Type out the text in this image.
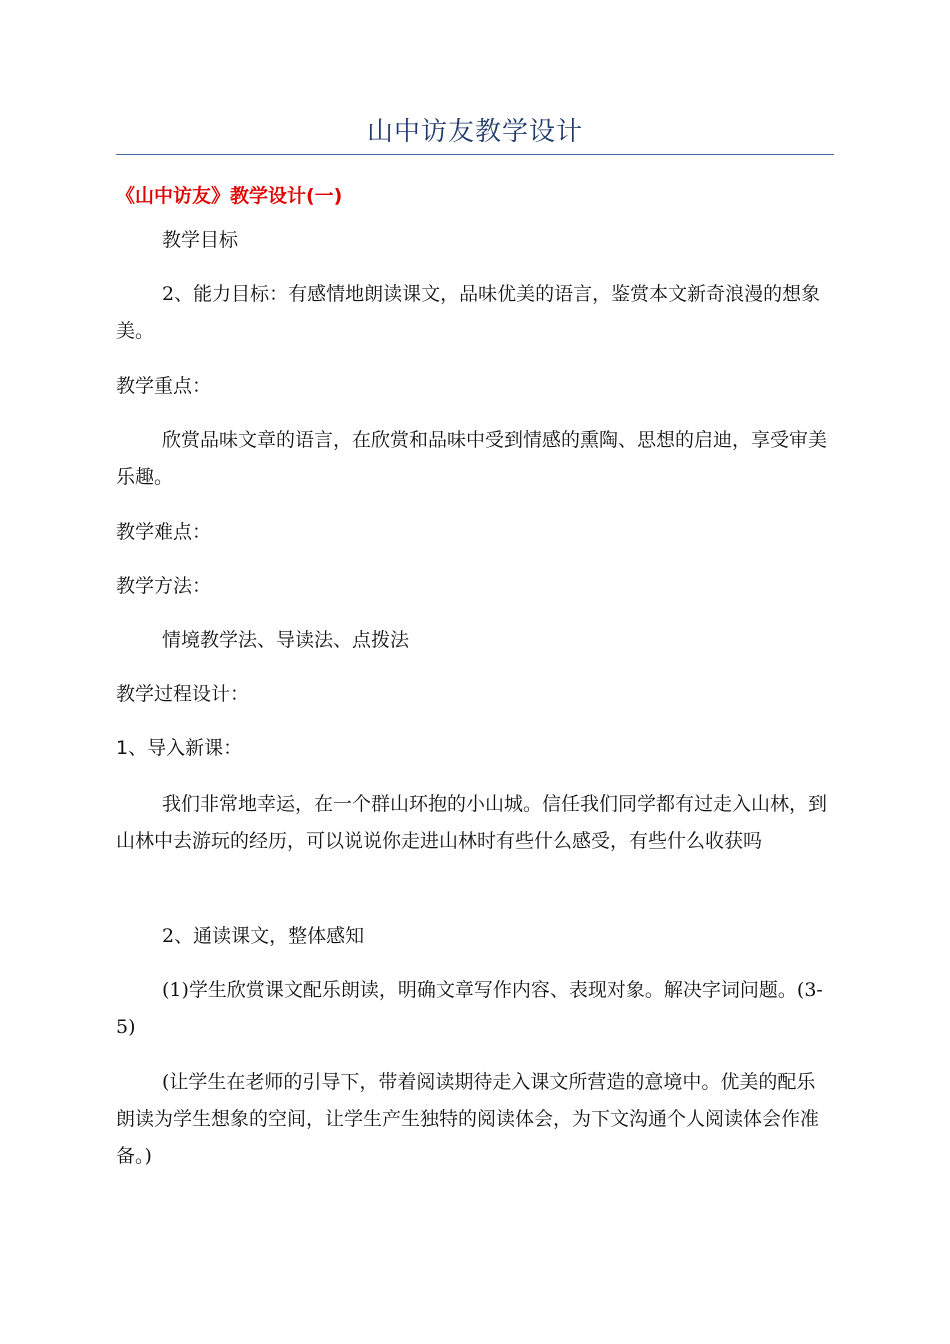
山中访友教学设计
《山中访友》教学设计(一)

教学目标

2、能力目标：有感情地朗读课文，品味优美的语言，鉴赏本文新奇浪漫的想象美。

教学重点：

欣赏品味文章的语言，在欣赏和品味中受到情感的熏陶、思想的启迪，享受审美乐趣。

教学难点：

教学方法：

情境教学法、导读法、点拨法

教学过程设计：

1、导入新课：

我们非常地幸运，在一个群山环抱的小山城。信任我们同学都有过走入山林，到山林中去游玩的经历，可以说说你走进山林时有些什么感受，有些什么收获吗

2、通读课文，整体感知

(1)学生欣赏课文配乐朗读，明确文章写作内容、表现对象。解决字词问题。(3-5)

(让学生在老师的引导下，带着阅读期待走入课文所营造的意境中。优美的配乐朗读为学生想象的空间，让学生产生独特的阅读体会，为下文沟通个人阅读体会作准备。)
